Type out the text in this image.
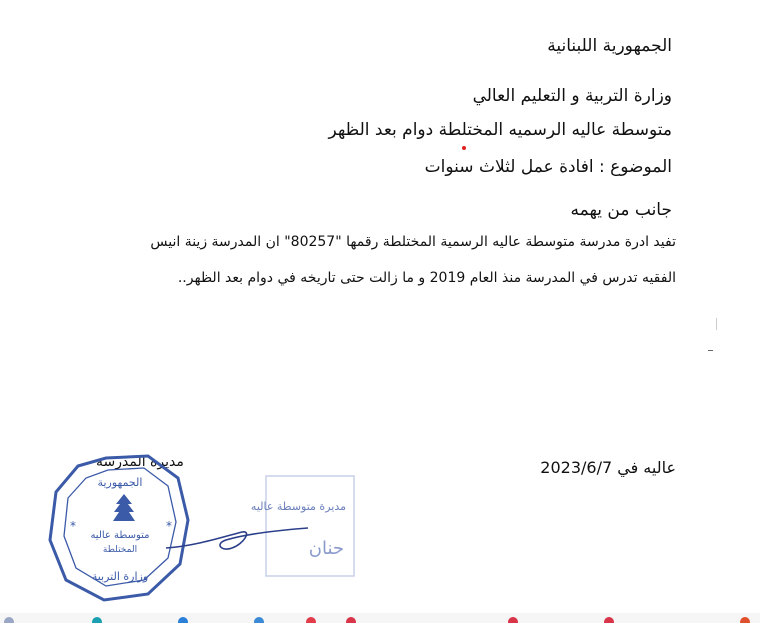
الجمهورية اللبنانية
وزارة التربية و التعليم العالي
متوسطة عاليه الرسميه المختلطة دوام بعد الظهر
الموضوع : افادة عمل لثلاث سنوات
جانب من يهمه
تفيد ادرة مدرسة متوسطة عاليه الرسمية المختلطة رقمها "80257" ان المدرسة زينة انيس
الفقيه تدرس في المدرسة منذ العام 2019 و ما زالت حتى تاريخه في دوام بعد الظهر..
عاليه في 2023/6/7
مديرة المدرسة
مديرة متوسطة عاليه
حنان
الجمهورية
متوسطة عاليه
المختلطة
وزارة التربية
*	*
